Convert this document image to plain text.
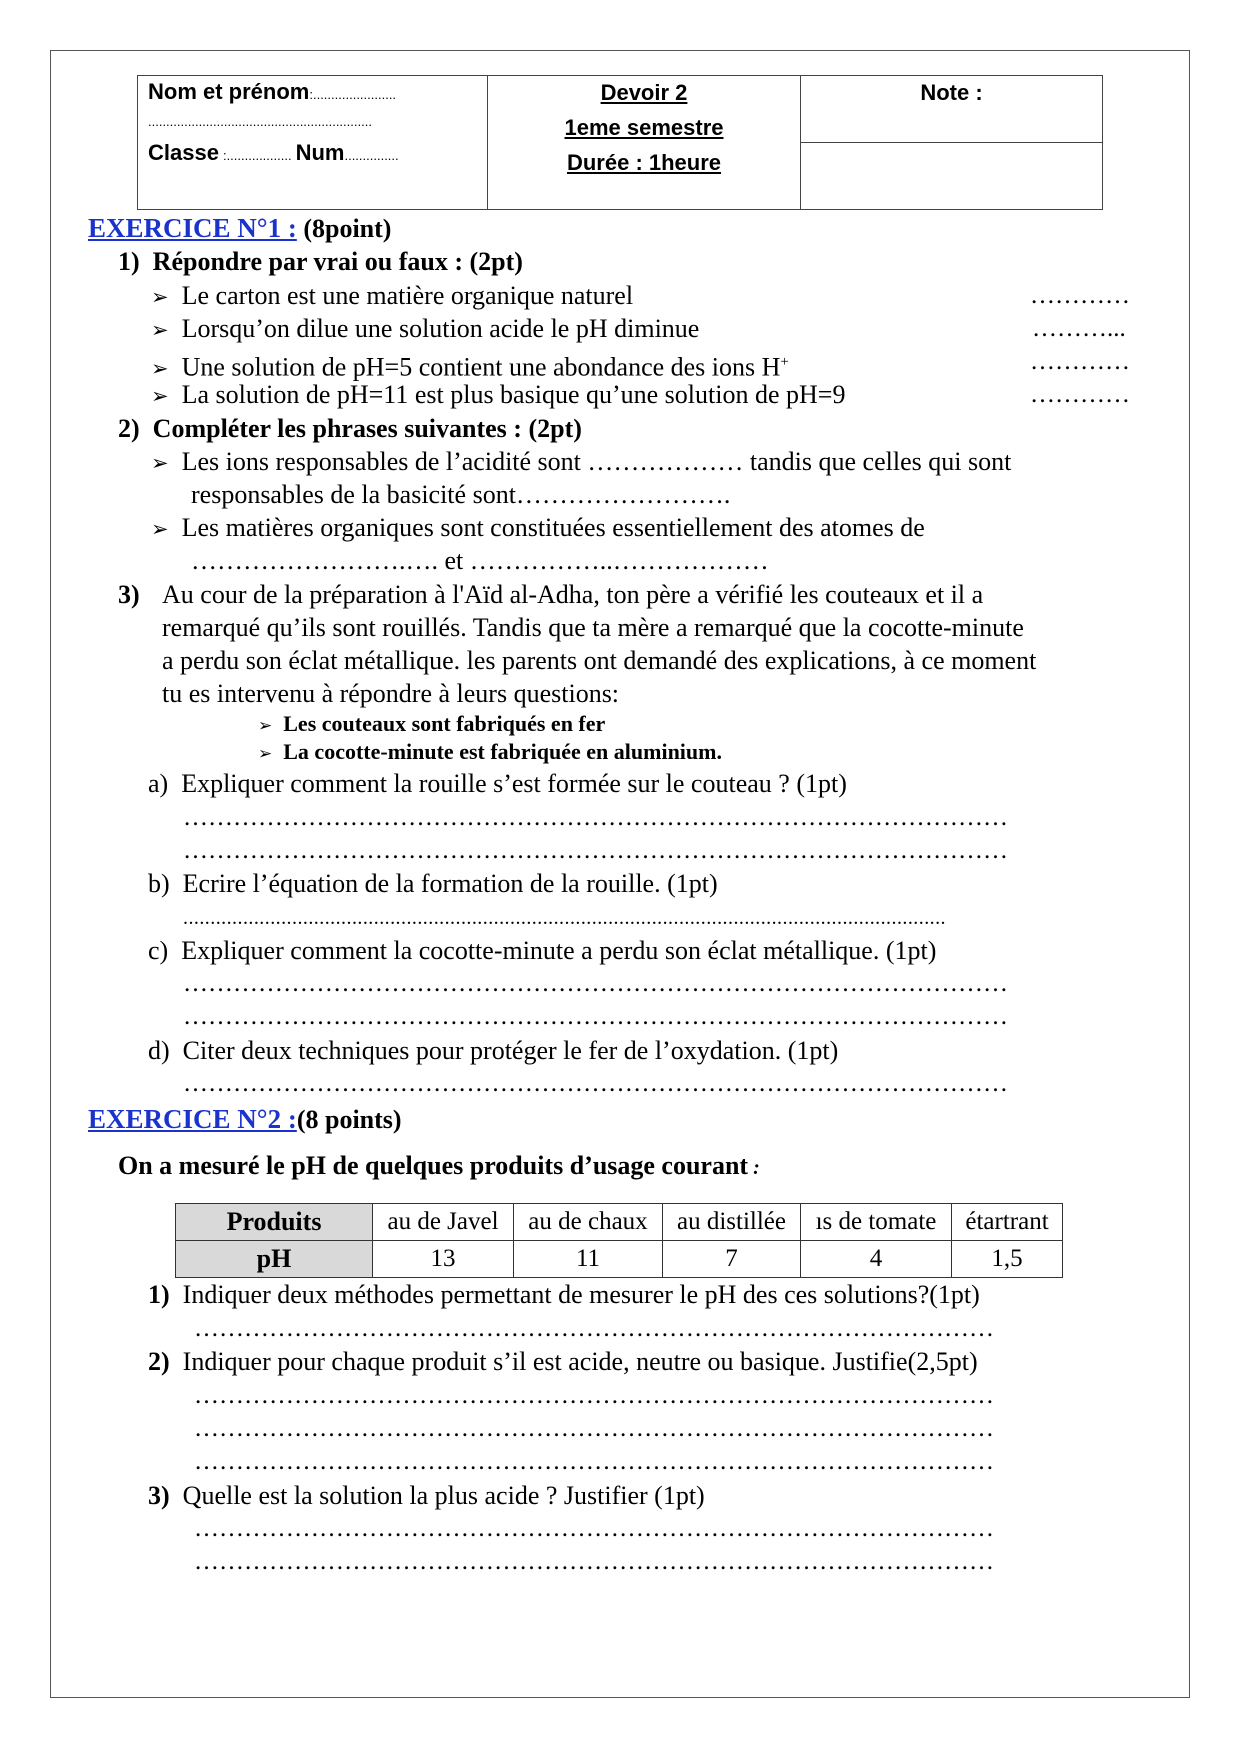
Nom et prénom:.......................
..............................................................
Classe :.................. Num...............
Devoir 2
1eme semestre
Durée : 1heure
Note :
EXERCICE N°1 : (8point)
1) Répondre par vrai ou faux : (2pt)
➢ Le carton est une matière organique naturel	…………
➢ Lorsqu’on dilue une solution acide le pH diminue	………...
➢ Une solution de pH=5 contient une abondance des ions H+	…………
➢ La solution de pH=11 est plus basique qu’une solution de pH=9	…………
2) Compléter les phrases suivantes : (2pt)
➢ Les ions responsables de l’acidité sont ……………… tandis que celles qui sont
responsables de la basicité sont…………………….
➢ Les matières organiques sont constituées essentiellement des atomes de
…………………….…. et ……………..………………
3) Au cour de la préparation à l'Aïd al-Adha, ton père a vérifié les couteaux et il a
remarqué qu’ils sont rouillés. Tandis que ta mère a remarqué que la cocotte-minute
a perdu son éclat métallique. les parents ont demandé des explications, à ce moment
tu es intervenu à répondre à leurs questions:
➢ Les couteaux sont fabriqués en fer
➢ La cocotte-minute est fabriquée en aluminium.
a) Expliquer comment la rouille s’est formée sur le couteau ? (1pt)
………………………………………………………………………………………
………………………………………………………………………………………
b) Ecrire l’équation de la formation de la rouille. (1pt)
............................................................................................................................................
c) Expliquer comment la cocotte-minute a perdu son éclat métallique. (1pt)
………………………………………………………………………………………
………………………………………………………………………………………
d) Citer deux techniques pour protéger le fer de l’oxydation. (1pt)
………………………………………………………………………………………
EXERCICE N°2 :(8 points)
On a mesuré le pH de quelques produits d’usage courant :
Produits	au de Javel	au de chaux	au distillée	ıs de tomate	étartrant

pH	13	11	7	4	1,5
1) Indiquer deux méthodes permettant de mesurer le pH des ces solutions?(1pt)
……………………………………………………………………………………
2) Indiquer pour chaque produit s’il est acide, neutre ou basique. Justifie(2,5pt)
……………………………………………………………………………………
……………………………………………………………………………………
……………………………………………………………………………………
3) Quelle est la solution la plus acide ? Justifier (1pt)
……………………………………………………………………………………
……………………………………………………………………………………
